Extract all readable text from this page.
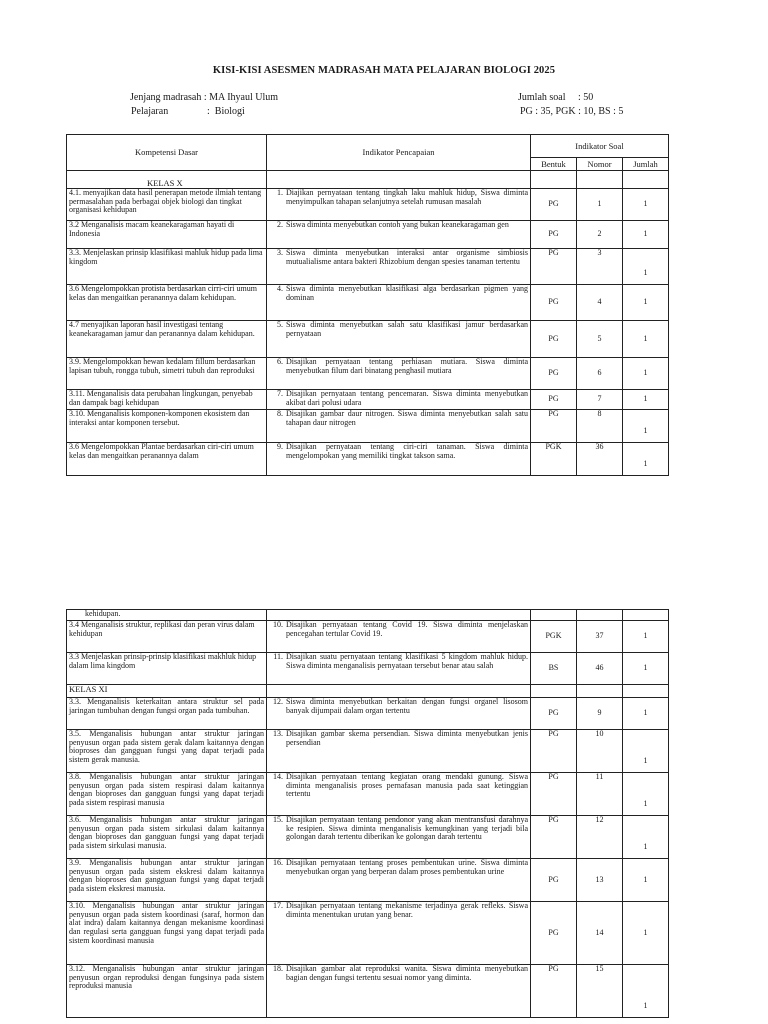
KISI-KISI ASESMEN MADRASAH MATA PELAJARAN BIOLOGI 2025
Jenjang madrasah : MA Ihyaul Ulum
Pelajaran	:  Biologi
Jumlah soal     : 50
PG : 35, PGK : 10, BS : 5
Kompetensi Dasar	Indikator Pencapaian	Indikator Soal		
		Bentuk	Nomor	Jumlah
KELAS X				
4.1. menyajikan data hasil penerapan metode ilmiah tentang permasalahan pada berbagai objek biologi dan tingkat organisasi kehidupan	1. Diajikan pernyataan tentang tingkah laku mahluk hidup, Siswa diminta menyimpulkan tahapan selanjutnya setelah rumusan masalah	PG	1	1
3.2 Menganalisis macam keanekaragaman hayati di Indonesia	2. Siswa diminta menyebutkan contoh yang bukan keanekaragaman gen	PG	2	1
3.3. Menjelaskan prinsip klasifikasi mahluk hidup pada lima kingdom	3. Siswa diminta menyebutkan interaksi antar organisme simbiosis mutualialisme antara bakteri Rhizobium dengan spesies tanaman tertentu	PG	3	1
3.6 Mengelompokkan protista berdasarkan cirri-ciri umum kelas dan mengaitkan peranannya dalam kehidupan.	4. Siswa diminta menyebutkan klasifikasi alga berdasarkan pigmen yang dominan	PG	4	1
4.7 menyajikan laporan hasil investigasi tentang keanekaragaman jamur dan peranannya dalam kehidupan.	5. Siswa diminta menyebutkan salah satu klasifikasi jamur berdasarkan pernyataan	PG	5	1
3.9. Mengelompokkan hewan kedalam fillum berdasarkan lapisan tubuh, rongga tubuh, simetri tubuh dan reproduksi	6. Disajikan pernyataan tentang perhiasan mutiara. Siswa diminta menyebutkan filum dari binatang penghasil mutiara	PG	6	1
3.11. Menganalisis data perubahan lingkungan, penyebab dan dampak bagi kehidupan	7. Disajikan pernyataan tentang pencemaran. Siswa diminta menyebutkan akibat dari polusi udara	PG	7	1
3.10. Menganalisis komponen-komponen ekosistem dan interaksi antar komponen tersebut.	8. Disajikan gambar daur nitrogen. Siswa diminta menyebutkan salah satu tahapan daur nitrogen	PG	8	1
3.6 Mengelompokkan Plantae berdasarkan ciri-ciri umum kelas dan mengaitkan peranannya dalam	9. Disajikan pernyataan tentang ciri-ciri tanaman. Siswa diminta mengelompokan yang memiliki tingkat takson sama.	PGK	36	1
kehidupan.				
3.4 Menganalisis struktur, replikasi dan peran virus dalam kehidupan	10. Disajikan pernyataan tentang Covid 19. Siswa diminta menjelaskan pencegahan tertular Covid 19.	PGK	37	1
3.3 Menjelaskan prinsip-prinsip klasifikasi makhluk hidup dalam lima kingdom	11. Disajikan suatu pernyataan tentang klasifikasi 5 kingdom mahluk hidup. Siswa diminta menganalisis pernyataan tersebut benar atau salah	BS	46	1
KELAS XI				
3.3. Menganalisis keterkaitan antara struktur sel pada jaringan tumbuhan dengan fungsi organ pada tumbuhan.	12. Siswa diminta menyebutkan berkaitan dengan fungsi organel lisosom banyak dijumpaii dalam organ tertentu	PG	9	1
3.5. Menganalisis hubungan antar struktur jaringan penyusun organ pada sistem gerak dalam kaitannya dengan bioproses dan gangguan fungsi yang dapat terjadi pada sistem gerak manusia.	13. Disajikan gambar skema persendian. Siswa diminta menyebutkan jenis persendian	PG	10	1
3.8. Menganalisis hubungan antar struktur jaringan penyusun organ pada sistem respirasi dalam kaitannya dengan bioproses dan gangguan fungsi yang dapat terjadi pada sistem respirasi manusia	14. Disajikan pernyataan tentang kegiatan orang mendaki gunung. Siswa diminta menganalisis proses pernafasan manusia pada saat ketinggian tertentu	PG	11	1
3.6. Menganalisis hubungan antar struktur jaringan penyusun organ pada sistem sirkulasi dalam kaitannya dengan bioproses dan gangguan fungsi yang dapat terjadi pada sistem sirkulasi manusia.	15. Disajikan pernyataan tentang pendonor yang akan mentransfusi darahnya ke resipien. Siswa diminta menganalisis kemungkinan yang terjadi bila golongan darah tertentu diberikan ke golongan darah tertentu	PG	12	1
3.9. Menganalisis hubungan antar struktur jaringan penyusun organ pada sistem ekskresi dalam kaitannya dengan bioproses dan gangguan fungsi yang dapat terjadi pada sistem ekskresi manusia.	16. Disajikan pernyataan tentang proses pembentukan urine. Siswa diminta menyebutkan organ yang berperan dalam proses pembentukan urine	PG	13	1
3.10. Menganalisis hubungan antar struktur jaringan penyusun organ pada sistem koordinasi (saraf, hormon dan alat indra) dalam kaitannya dengan mekanisme koordinasi dan regulasi serta gangguan fungsi yang dapat terjadi pada sistem koordinasi manusia	17. Disajikan pernyataan tentang mekanisme terjadinya gerak refleks. Siswa diminta menentukan urutan yang benar.	PG	14	1
3.12. Menganalisis hubungan antar struktur jaringan penyusun organ reproduksi dengan fungsinya pada sistem reproduksi manusia	18. Disajikan gambar alat reproduksi wanita. Siswa diminta menyebutkan bagian dengan fungsi tertentu sesuai nomor yang diminta.	PG	15	1
